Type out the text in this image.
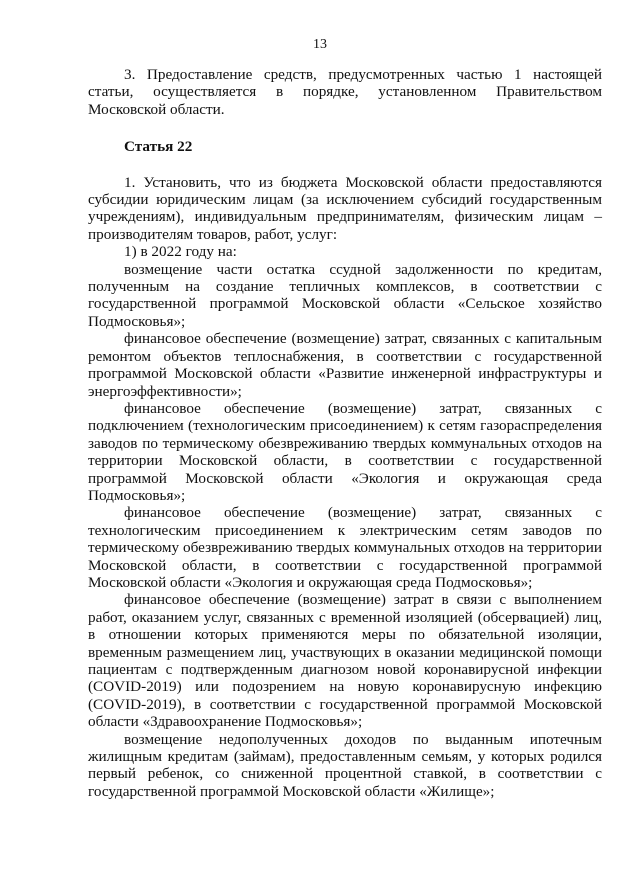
13

3. Предоставление средств, предусмотренных частью 1 настоящей статьи, осуществляется в порядке, установленном Правительством Московской области.

Статья 22

1. Установить, что из бюджета Московской области предоставляются субсидии юридическим лицам (за исключением субсидий государственным учреждениям), индивидуальным предпринимателям, физическим лицам – производителям товаров, работ, услуг:

1) в 2022 году на:

возмещение части остатка ссудной задолженности по кредитам, полученным на создание тепличных комплексов, в соответствии с государственной программой Московской области «Сельское хозяйство Подмосковья»;

финансовое обеспечение (возмещение) затрат, связанных с капитальным ремонтом объектов теплоснабжения, в соответствии с государственной программой Московской области «Развитие инженерной инфраструктуры и энергоэффективности»;

финансовое обеспечение (возмещение) затрат, связанных с подключением (технологическим присоединением) к сетям газораспределения заводов по термическому обезвреживанию твердых коммунальных отходов на территории Московской области, в соответствии с государственной программой Московской области «Экология и окружающая среда Подмосковья»;

финансовое обеспечение (возмещение) затрат, связанных с технологическим присоединением к электрическим сетям заводов по термическому обезвреживанию твердых коммунальных отходов на территории Московской области, в соответствии с государственной программой Московской области «Экология и окружающая среда Подмосковья»;

финансовое обеспечение (возмещение) затрат в связи с выполнением работ, оказанием услуг, связанных с временной изоляцией (обсервацией) лиц, в отношении которых применяются меры по обязательной изоляции, временным размещением лиц, участвующих в оказании медицинской помощи пациентам с подтвержденным диагнозом новой коронавирусной инфекции (COVID-2019) или подозрением на новую коронавирусную инфекцию (COVID-2019), в соответствии с государственной программой Московской области «Здравоохранение Подмосковья»;

возмещение недополученных доходов по выданным ипотечным жилищным кредитам (займам), предоставленным семьям, у которых родился первый ребенок, со сниженной процентной ставкой, в соответствии с государственной программой Московской области «Жилище»;
